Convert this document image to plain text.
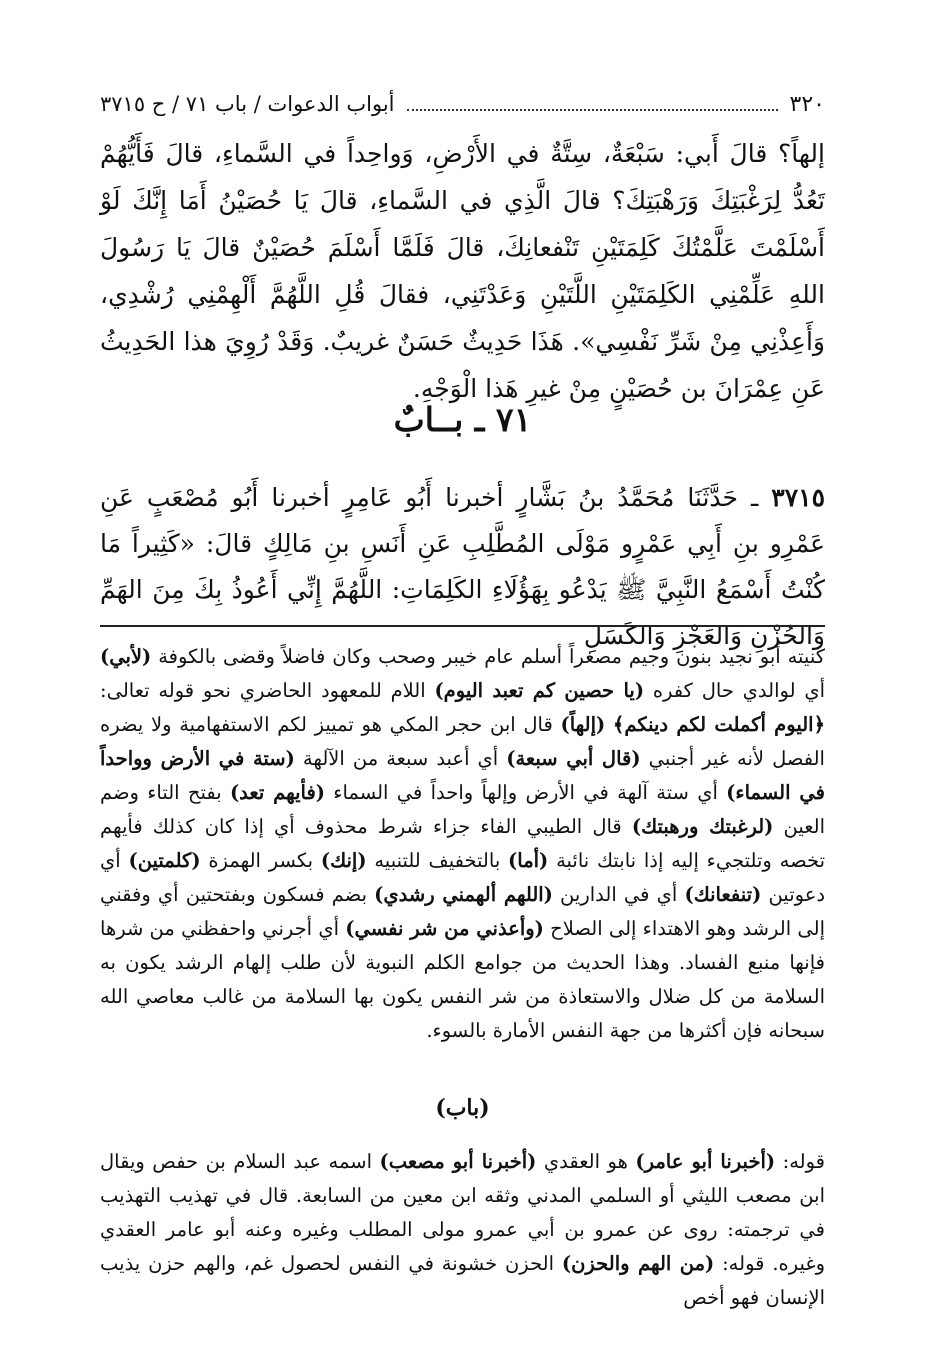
٣٢٠
أبواب الدعوات / باب ٧١ / ح ٣٧١٥

إلهاً؟ قالَ أَبي: سَبْعَةٌ، سِتَّةٌ في الأَرْضِ، وَواحِداً في السَّماءِ، قالَ فَأَيُّهُمْ تَعُدُّ لِرَغْبَتِكَ وَرَهْبَتِكَ؟ قالَ الَّذِي في السَّماءِ، قالَ يَا حُصَيْنُ أَمَا إِنَّكَ لَوْ أَسْلَمْتَ عَلَّمْتُكَ كَلِمَتَيْنِ تَنْفعانِكَ، قالَ فَلَمَّا أَسْلَمَ حُصَيْنٌ قالَ يَا رَسُولَ اللهِ عَلِّمْنِي الكَلِمَتَيْنِ اللَّتَيْنِ وَعَدْتَنِي، فقالَ قُلِ اللَّهُمَّ أَلْهِمْنِي رُشْدِي، وَأَعِذْنِي مِنْ شَرِّ نَفْسِي». هَذَا حَدِيثٌ حَسَنٌ غريبٌ. وَقَدْ رُوِيَ هذا الحَدِيثُ عَنِ عِمْرَانَ بن حُصَيْنٍ مِنْ غيرِ هَذا الْوَجْهِ.

٧١ ـ بــابٌ
٣٧١٥ ـ حَدَّثَنَا مُحَمَّدُ بنُ بَشَّارٍ أخبرنا أَبُو عَامِرٍ أخبرنا أَبُو مُصْعَبٍ عَنِ عَمْرِو بنِ أَبِي عَمْرٍو مَوْلَى المُطَّلِبِ عَنِ أَنَسِ بنِ مَالِكٍ قالَ: «كَثِيراً مَا كُنْتُ أَسْمَعُ النَّبِيَّ ﷺ يَدْعُو بِهَؤُلَاءِ الكَلِمَاتِ: اللَّهُمَّ إِنِّي أَعُوذُ بِكَ مِنَ الهَمِّ وَالحُزْنِ وَالعَجْزِ وَالكَسَلِ

كنيته أبو نجيد بنون وجيم مصغراً أسلم عام خيبر وصحب وكان فاضلاً وقضى بالكوفة (لأبي) أي لوالدي حال كفره (يا حصين كم تعبد اليوم) اللام للمعهود الحاضري نحو قوله تعالى: ﴿اليوم أكملت لكم دينكم﴾ (إلهاً) قال ابن حجر المكي هو تمييز لكم الاستفهامية ولا يضره الفصل لأنه غير أجنبي (قال أبي سبعة) أي أعبد سبعة من الآلهة (ستة في الأرض وواحداً في السماء) أي ستة آلهة في الأرض وإلهاً واحداً في السماء (فأيهم تعد) بفتح التاء وضم العين (لرغبتك ورهبتك) قال الطيبي الفاء جزاء شرط محذوف أي إذا كان كذلك فأيهم تخصه وتلتجيء إليه إذا نابتك نائبة (أما) بالتخفيف للتنبيه (إنك) بكسر الهمزة (كلمتين) أي دعوتين (تنفعانك) أي في الدارين (اللهم ألهمني رشدي) بضم فسكون وبفتحتين أي وفقني إلى الرشد وهو الاهتداء إلى الصلاح (وأعذني من شر نفسي) أي أجرني واحفظني من شرها فإنها منبع الفساد. وهذا الحديث من جوامع الكلم النبوية لأن طلب إلهام الرشد يكون به السلامة من كل ضلال والاستعاذة من شر النفس يكون بها السلامة من غالب معاصي الله سبحانه فإن أكثرها من جهة النفس الأمارة بالسوء.

(باب)

قوله: (أخبرنا أبو عامر) هو العقدي (أخبرنا أبو مصعب) اسمه عبد السلام بن حفص ويقال ابن مصعب الليثي أو السلمي المدني وثقه ابن معين من السابعة. قال في تهذيب التهذيب في ترجمته: روى عن عمرو بن أبي عمرو مولى المطلب وغيره وعنه أبو عامر العقدي وغيره. قوله: (من الهم والحزن) الحزن خشونة في النفس لحصول غم، والهم حزن يذيب الإنسان فهو أخص
